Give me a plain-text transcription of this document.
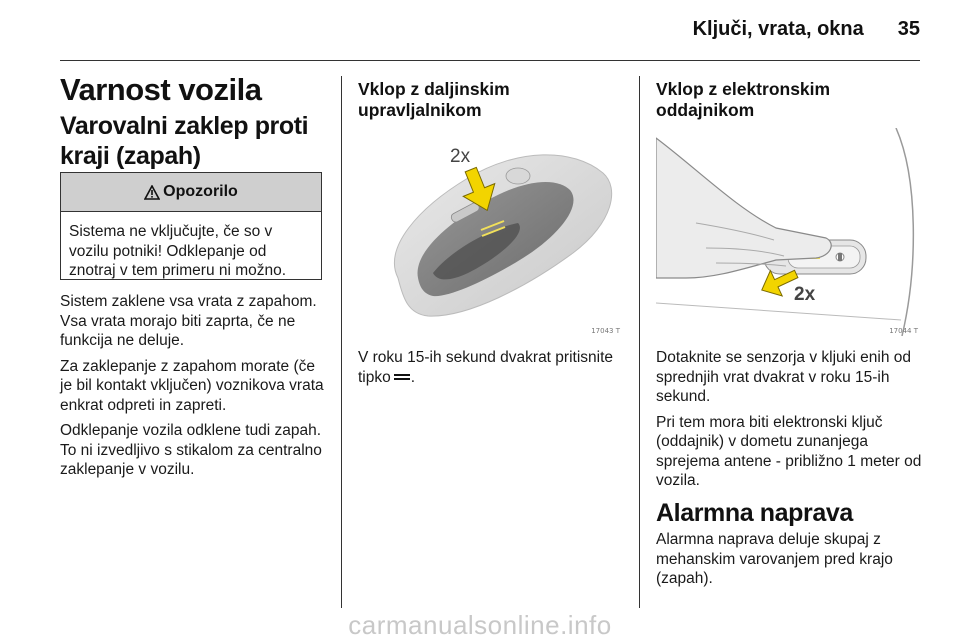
Ključi, vrata, okna 35
Varnost vozila
Varovalni zaklep proti kraji (zapah)
Opozorilo
Sistema ne vključujte, če so v vozilu potniki! Odklepanje od znotraj v tem primeru ni možno.

Sistem zaklene vsa vrata z zapahom. Vsa vrata morajo biti zaprta, če ne funkcija ne deluje.

Za zaklepanje z zapahom morate (če je bil kontakt vključen) voznikova vrata enkrat odpreti in zapreti.

Odklepanje vozila odklene tudi zapah. To ni izvedljivo s stikalom za centralno zaklepanje v vozilu.

Vklop z daljinskim upravljalnikom
2x
17043 T
V roku 15-ih sekund dvakrat pritisnite tipko .
Vklop z elektronskim oddajnikom
2x
17044 T

Dotaknite se senzorja v kljuki enih od sprednjih vrat dvakrat v roku 15-ih sekund.

Pri tem mora biti elektronski ključ (oddajnik) v dometu zunanjega sprejema antene - približno 1 meter od vozila.

Alarmna naprava
Alarmna naprava deluje skupaj z mehanskim varovanjem pred krajo (zapah).
carmanualsonline.info
